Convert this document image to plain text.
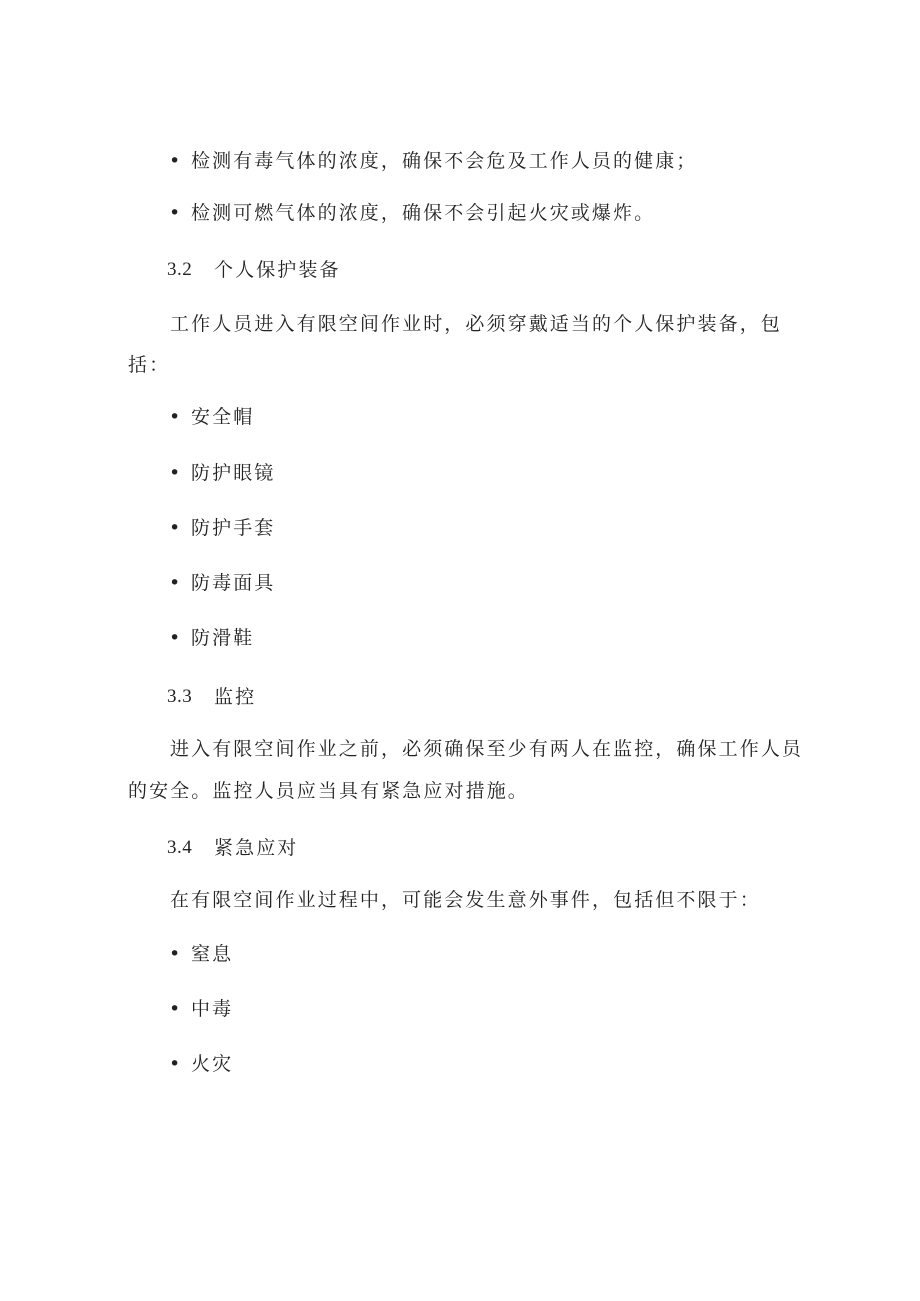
• 检测有毒气体的浓度，确保不会危及工作人员的健康；
• 检测可燃气体的浓度，确保不会引起火灾或爆炸。
3.2 个人保护装备
工作人员进入有限空间作业时，必须穿戴适当的个人保护装备，包
括：
• 安全帽
• 防护眼镜
• 防护手套
• 防毒面具
• 防滑鞋
3.3 监控
进入有限空间作业之前，必须确保至少有两人在监控，确保工作人员
的安全。监控人员应当具有紧急应对措施。
3.4 紧急应对
在有限空间作业过程中，可能会发生意外事件，包括但不限于：
• 窒息
• 中毒
• 火灾
